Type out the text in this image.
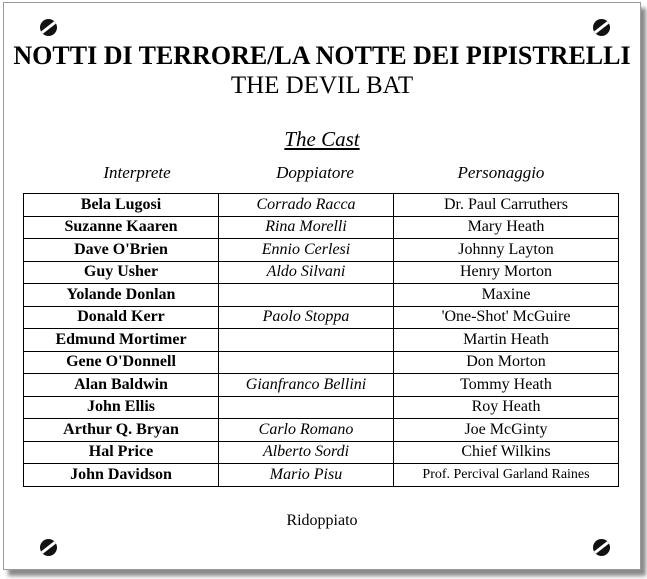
NOTTI DI TERRORE/LA NOTTE DEI PIPISTRELLI
THE DEVIL BAT
The Cast
Interprete	Doppiatore	Personaggio
Bela Lugosi	Corrado Racca	Dr. Paul Carruthers
Suzanne Kaaren	Rina Morelli	Mary Heath
Dave O'Brien	Ennio Cerlesi	Johnny Layton
Guy Usher	Aldo Silvani	Henry Morton
Yolande Donlan		Maxine
Donald Kerr	Paolo Stoppa	'One-Shot' McGuire
Edmund Mortimer		Martin Heath
Gene O'Donnell		Don Morton
Alan Baldwin	Gianfranco Bellini	Tommy Heath
John Ellis		Roy Heath
Arthur Q. Bryan	Carlo Romano	Joe McGinty
Hal Price	Alberto Sordi	Chief Wilkins
John Davidson	Mario Pisu	Prof. Percival Garland Raines
Ridoppiato
